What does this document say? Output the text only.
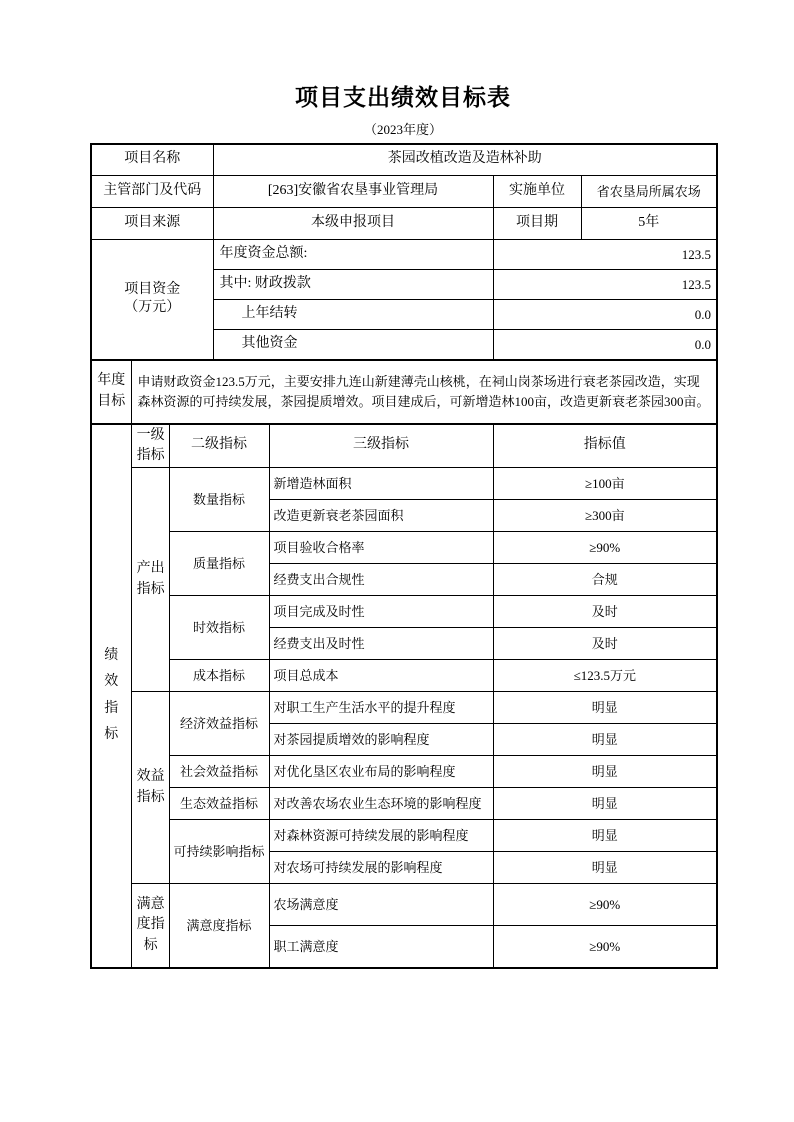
项目支出绩效目标表
（2023年度）
项目名称			茶园改植改造及造林补助			
主管部门及代码			[263]安徽省农垦事业管理局		实施单位	省农垦局所属农场
项目来源			本级申报项目		项目期	5年

项目资金
（万元）			年度资金总额:		123.5	
			其中: 财政拨款		123.5	
			上年结转		0.0	
			其他资金		0.0	

年度目标	申请财政资金123.5万元，主要安排九连山新建薄壳山核桃，在祠山岗茶场进行衰老茶园改造，实现森林资源的可持续发展，茶园提质增效。项目建成后，可新增造林100亩，改造更新衰老茶园300亩。					

绩效指标	一级指标	二级指标		三级指标	指标值	

	产出指标	数量指标		新增造林面积	≥100亩	
				改造更新衰老茶园面积	≥300亩	
		质量指标		项目验收合格率	≥90%	
				经费支出合规性	合规	
		时效指标		项目完成及时性	及时	
				经费支出及时性	及时	
		成本指标		项目总成本	≤123.5万元	

	效益指标	经济效益指标		对职工生产生活水平的提升程度	明显	
				对茶园提质增效的影响程度	明显	
		社会效益指标		对优化垦区农业布局的影响程度	明显	
		生态效益指标		对改善农场农业生态环境的影响程度	明显	
		可持续影响指标		对森林资源可持续发展的影响程度	明显	
				对农场可持续发展的影响程度	明显	

	满意度指标	满意度指标		农场满意度	≥90%	
				职工满意度	≥90%	
